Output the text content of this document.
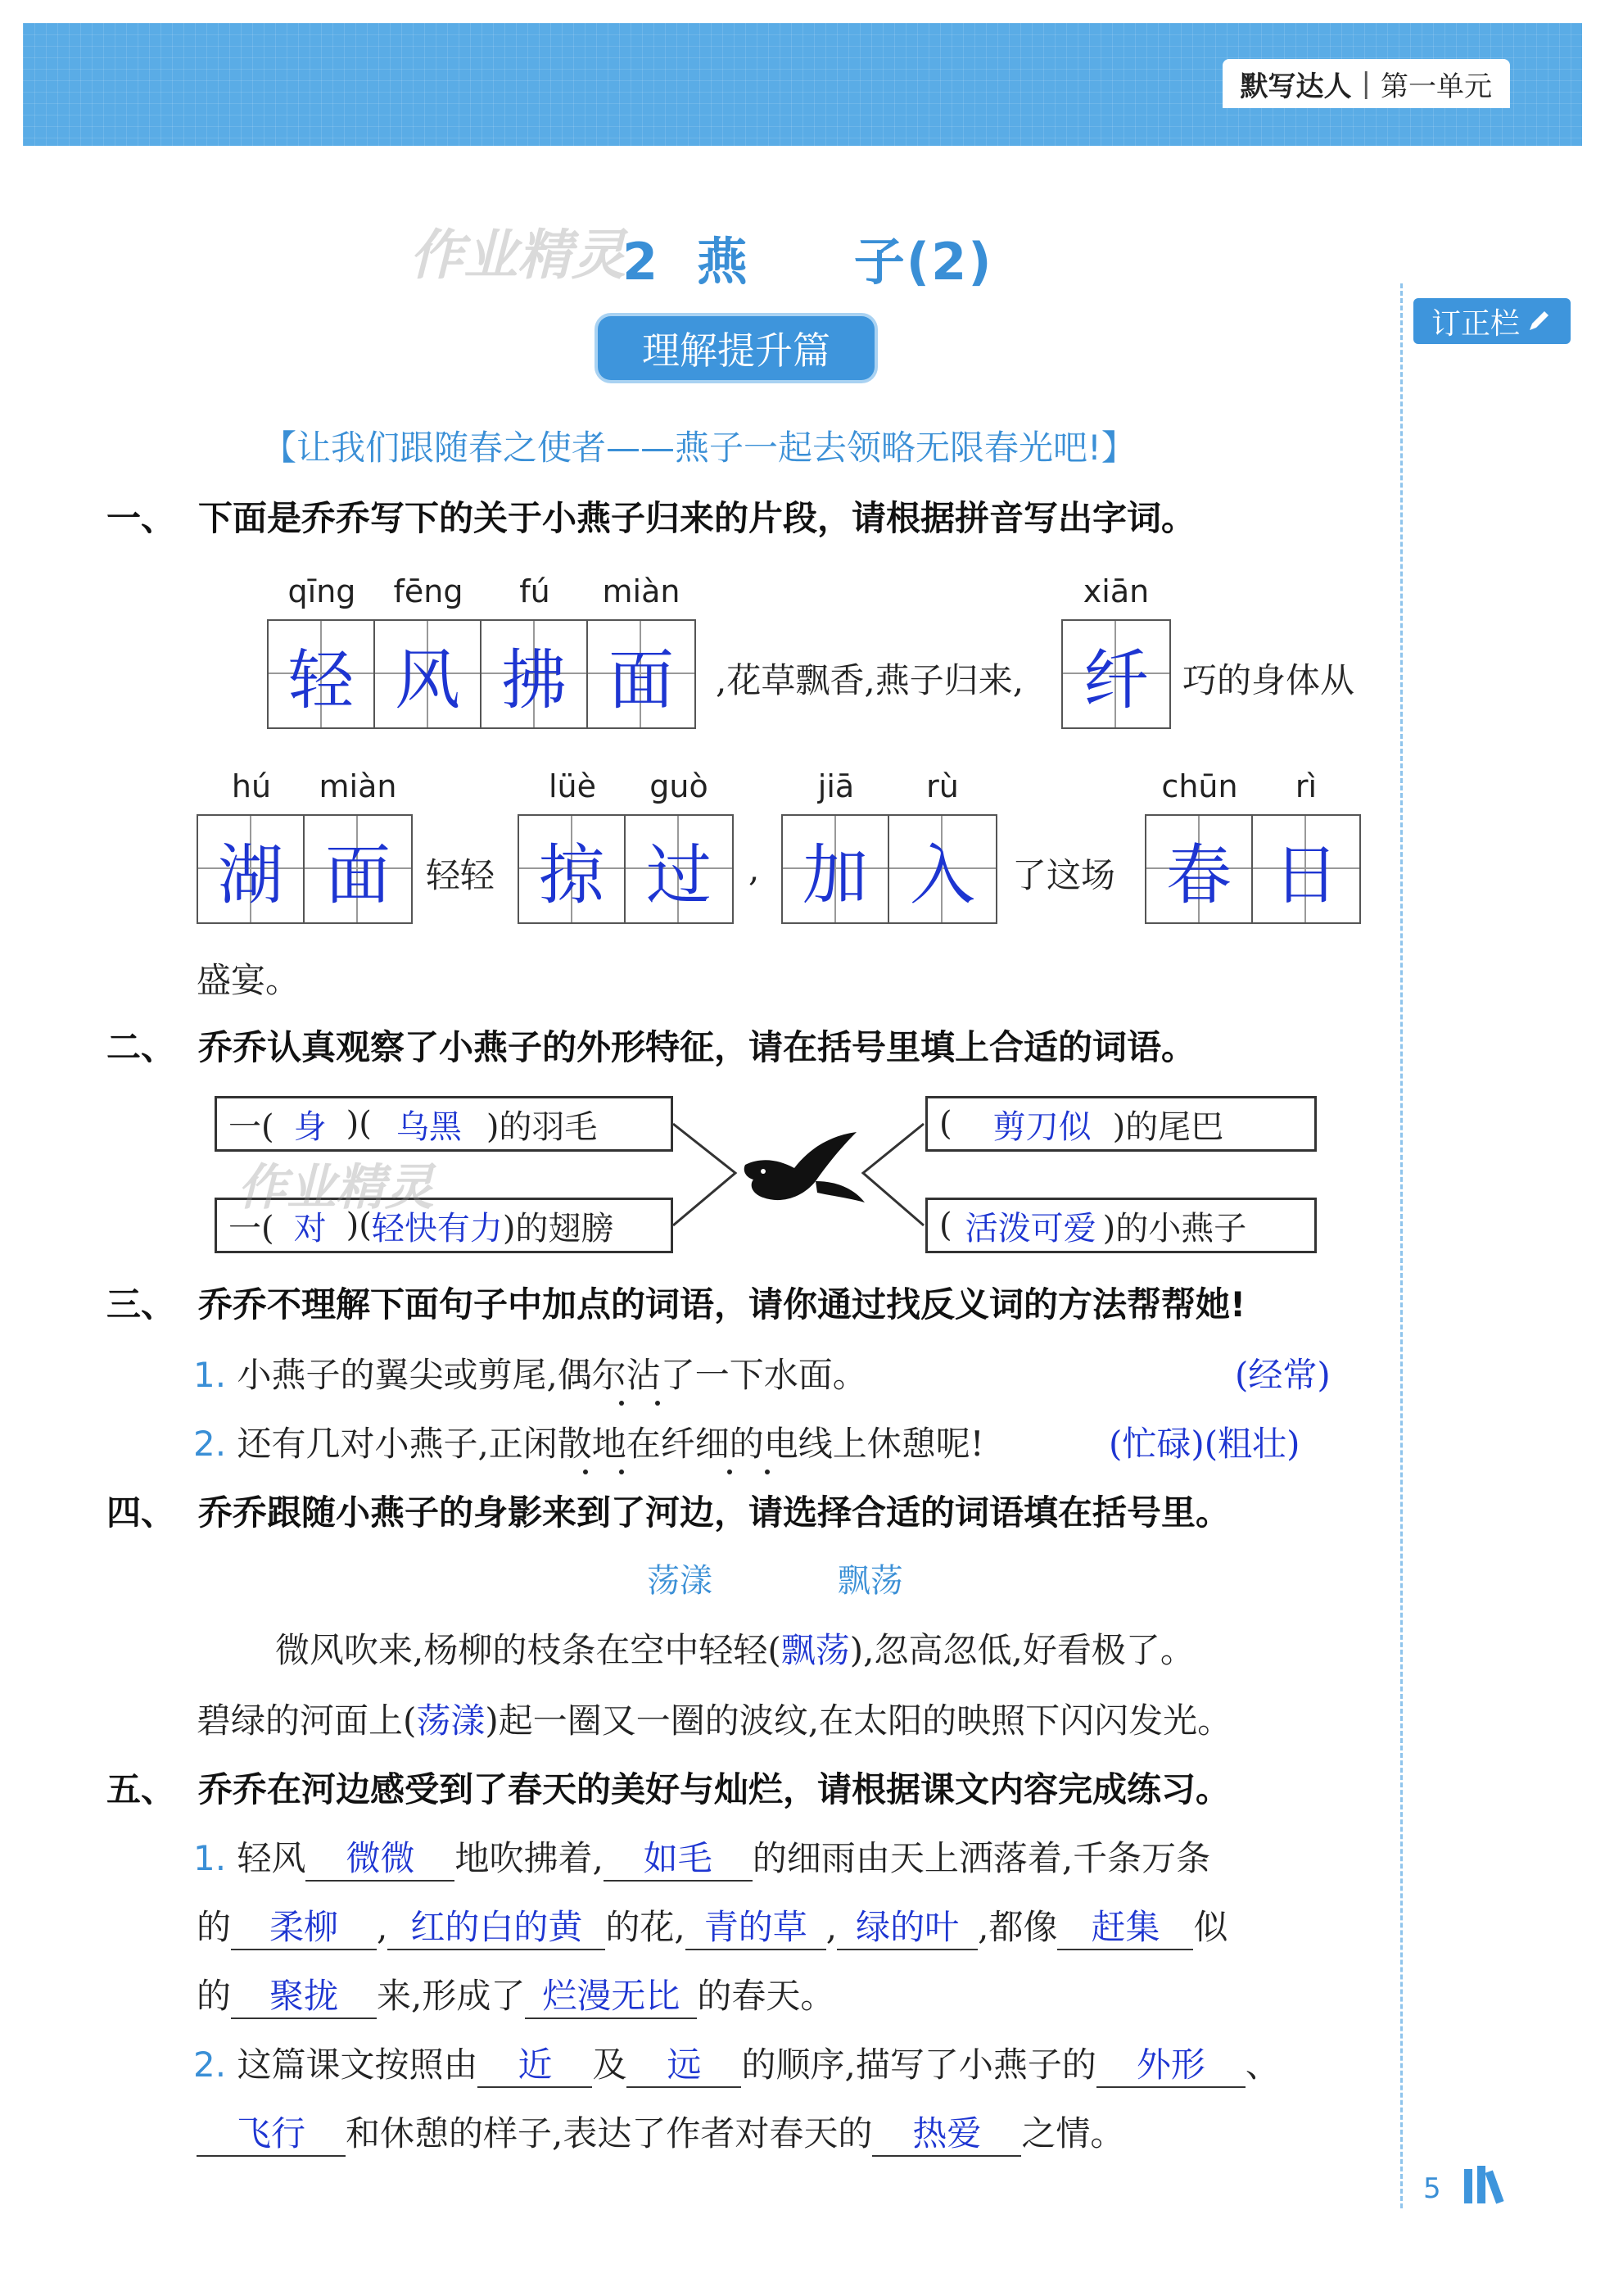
默写达人 | 第一单元
订正栏
作业精灵
2 燕　　子(2)
理解提升篇
【让我们跟随春之使者——燕子一起去领略无限春光吧!】
一、 下面是乔乔写下的关于小燕子归来的片段，请根据拼音写出字词。
qīng	fēng	fú	miàn
轻 风 拂 面	,花草飘香,燕子归来,
xiān
纤 巧的身体从
hú	miàn
湖 面	轻轻
lüè	guò
掠 过	,
jiā	rù
加 入	了这场
chūn	rì
春 日
盛宴。
二、 乔乔认真观察了小燕子的外形特征，请在括号里填上合适的词语。
一( 身 )( 乌黑 )的羽毛
一( 对 )( 轻快有力 )的翅膀
( 剪刀似 )的尾巴
( 活泼可爱 )的小燕子
作业精灵
三、 乔乔不理解下面句子中加点的词语，请你通过找反义词的方法帮帮她!
1. 小燕子的翼尖或剪尾,偶尔沾了一下水面。	(经常)
2. 还有几对小燕子,正闲散地在纤细的电线上休憩呢!	(忙碌)(粗壮)
四、 乔乔跟随小燕子的身影来到了河边，请选择合适的词语填在括号里。
荡漾	飘荡
微风吹来,杨柳的枝条在空中轻轻(飘荡),忽高忽低,好看极了。
碧绿的河面上(荡漾)起一圈又一圈的波纹,在太阳的映照下闪闪发光。
五、 乔乔在河边感受到了春天的美好与灿烂，请根据课文内容完成练习。
1. 轻风 微微 地吹拂着, 如毛 的细雨由天上洒落着,千条万条
的 柔柳 , 红的白的黄 的花, 青的草 , 绿的叶 ,都像 赶集 似
的 聚拢 来,形成了 烂漫无比 的春天。
2. 这篇课文按照由 近 及 远 的顺序,描写了小燕子的 外形 、
飞行 和休憩的样子,表达了作者对春天的 热爱 之情。
5
